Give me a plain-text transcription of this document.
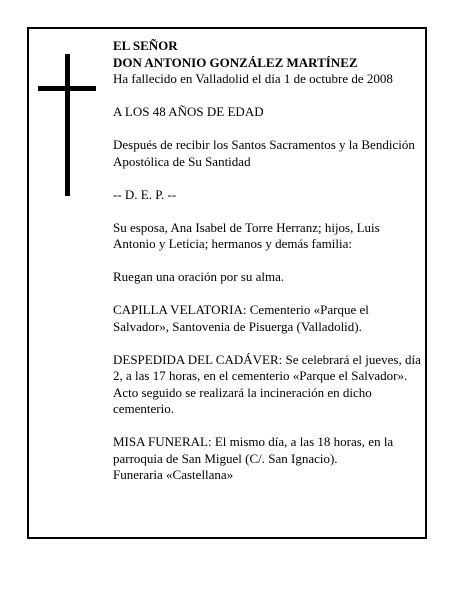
EL SEÑOR

DON ANTONIO GONZÁLEZ MARTÍNEZ

Ha fallecido en Valladolid el día 1 de octubre de 2008

A LOS 48 AÑOS DE EDAD

Después de recibir los Santos Sacramentos y la Bendición Apostólica de Su Santidad

-- D. E. P. --

Su esposa, Ana Isabel de Torre Herranz; hijos, Luis Antonio y Leticia; hermanos y demás familia:

Ruegan una oración por su alma.

CAPILLA VELATORIA: Cementerio «Parque el Salvador», Santovenia de Pisuerga (Valladolid).

DESPEDIDA DEL CADÁVER: Se celebrará el jueves, día 2, a las 17 horas, en el cementerio «Parque el Salvador». Acto seguido se realizará la incineración en dicho cementerio.

MISA FUNERAL: El mismo día, a las 18 horas, en la parroquia de San Miguel (C/. San Ignacio).

Funeraria «Castellana»
